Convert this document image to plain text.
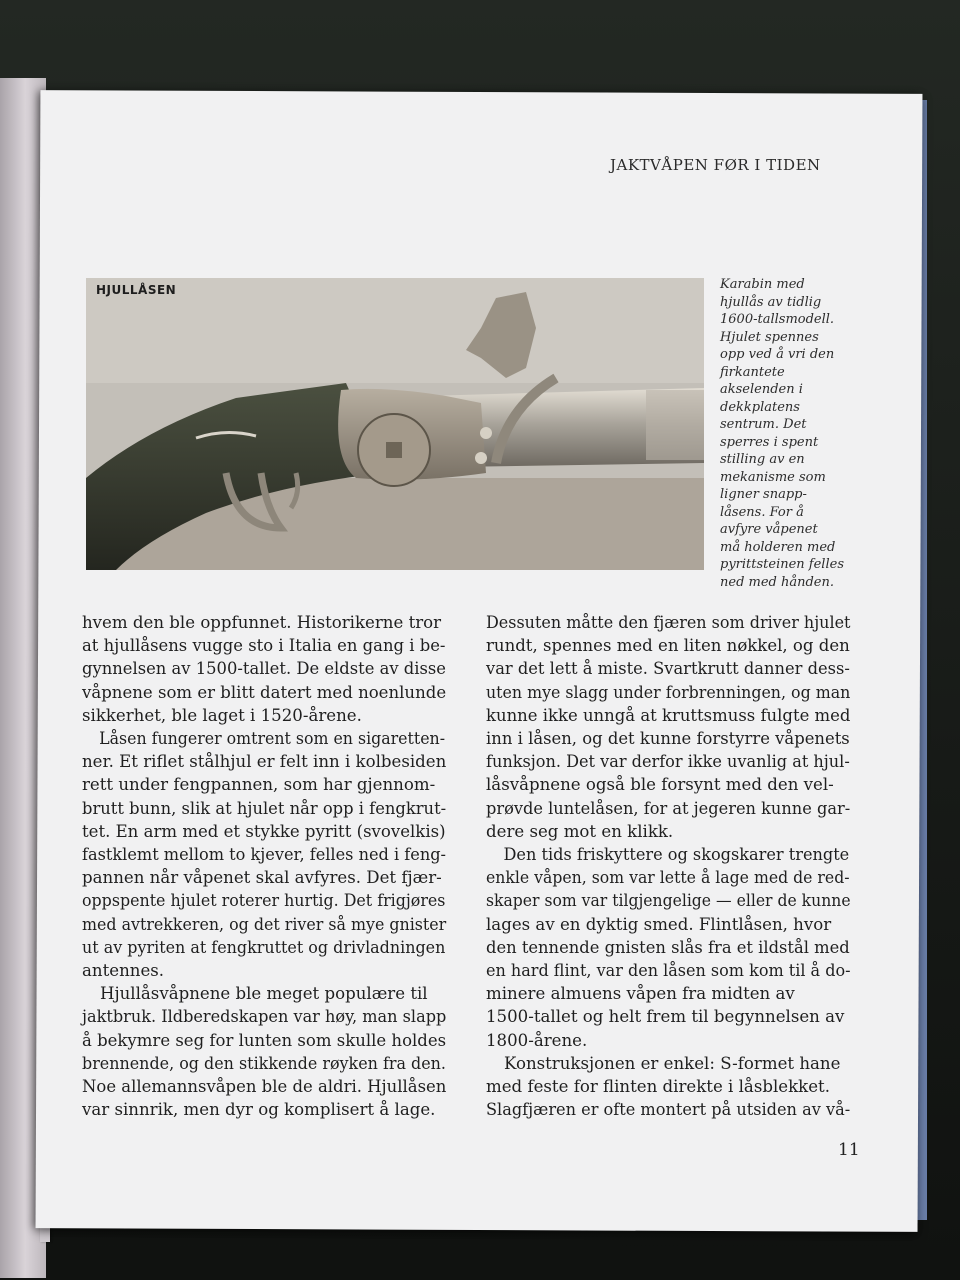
JAKTVÅPEN FØR I TIDEN
HJULLÅSEN	Karabin med
hjullås av tidlig
1600-tallsmodell.
Hjulet spennes
opp ved å vri den
firkantete
akselenden i
dekkplatens
sentrum. Det
sperres i spent
stilling av en
mekanisme som
ligner snapp-
låsens. For å
avfyre våpenet
må holderen med
pyrittsteinen felles
ned med hånden.
hvem den ble oppfunnet. Historikerne tror
at hjullåsens vugge sto i Italia en gang i be-
gynnelsen av 1500-tallet. De eldste av disse
våpnene som er blitt datert med noenlunde
sikkerhet, ble laget i 1520-årene.
Låsen fungerer omtrent som en sigaretten-
ner. Et riflet stålhjul er felt inn i kolbesiden
rett under fengpannen, som har gjennom-
brutt bunn, slik at hjulet når opp i fengkrut-
tet. En arm med et stykke pyritt (svovelkis)
fastklemt mellom to kjever, felles ned i feng-
pannen når våpenet skal avfyres. Det fjær-
oppspente hjulet roterer hurtig. Det frigjøres
med avtrekkeren, og det river så mye gnister
ut av pyriten at fengkruttet og drivladningen
antennes.
Hjullåsvåpnene ble meget populære til
jaktbruk. Ildberedskapen var høy, man slapp
å bekymre seg for lunten som skulle holdes
brennende, og den stikkende røyken fra den.
Noe allemannsvåpen ble de aldri. Hjullåsen
var sinnrik, men dyr og komplisert å lage.
Dessuten måtte den fjæren som driver hjulet
rundt, spennes med en liten nøkkel, og den
var det lett å miste. Svartkrutt danner dess-
uten mye slagg under forbrenningen, og man
kunne ikke unngå at kruttsmuss fulgte med
inn i låsen, og det kunne forstyrre våpenets
funksjon. Det var derfor ikke uvanlig at hjul-
låsvåpnene også ble forsynt med den vel-
prøvde luntelåsen, for at jegeren kunne gar-
dere seg mot en klikk.
Den tids friskyttere og skogskarer trengte
enkle våpen, som var lette å lage med de red-
skaper som var tilgjengelige — eller de kunne
lages av en dyktig smed. Flintlåsen, hvor
den tennende gnisten slås fra et ildstål med
en hard flint, var den låsen som kom til å do-
minere almuens våpen fra midten av
1500-tallet og helt frem til begynnelsen av
1800-årene.
Konstruksjonen er enkel: S-formet hane
med feste for flinten direkte i låsblekket.
Slagfjæren er ofte montert på utsiden av vå-
11
